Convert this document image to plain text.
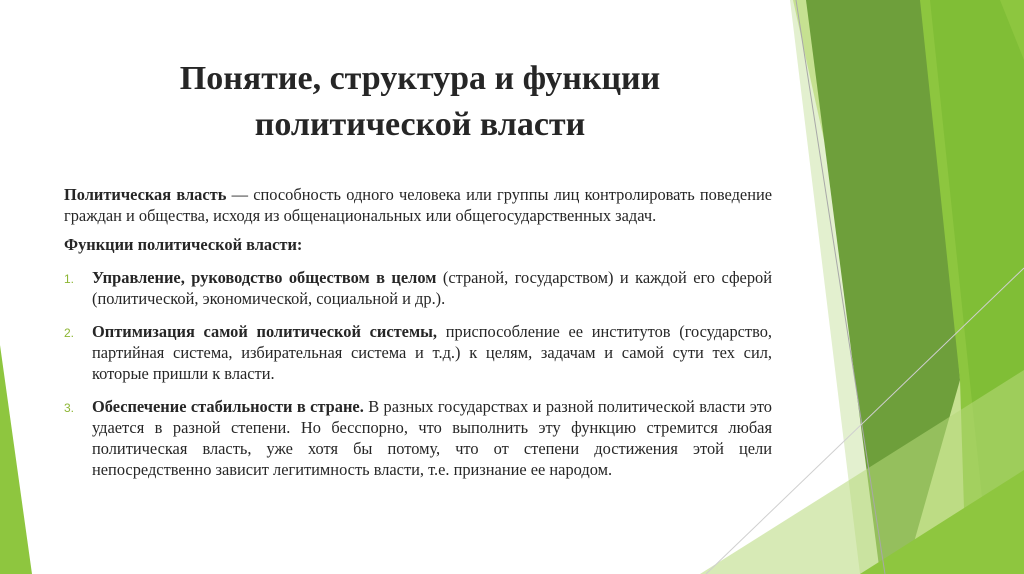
Понятие, структура и функции
политической власти

Политическая власть — способность одного человека или группы лиц контролировать поведение граждан и общества, исходя из общенациональных или общегосударственных задач.

Функции политической власти:

1. Управление, руководство обществом в целом (страной, государством) и каждой его сферой (политической, экономической, социальной и др.).
2. Оптимизация самой политической системы, приспособление ее институтов (государство, партийная система, избирательная система и т.д.) к целям, задачам и самой сути тех сил, которые пришли к власти.
3. Обеспечение стабильности в стране. В разных государствах и разной политической власти это удается в разной степени. Но бесспорно, что выполнить эту функцию стремится любая политическая власть, уже хотя бы потому, что от степени достижения этой цели непосредственно зависит легитимность власти, т.е. признание ее народом.
